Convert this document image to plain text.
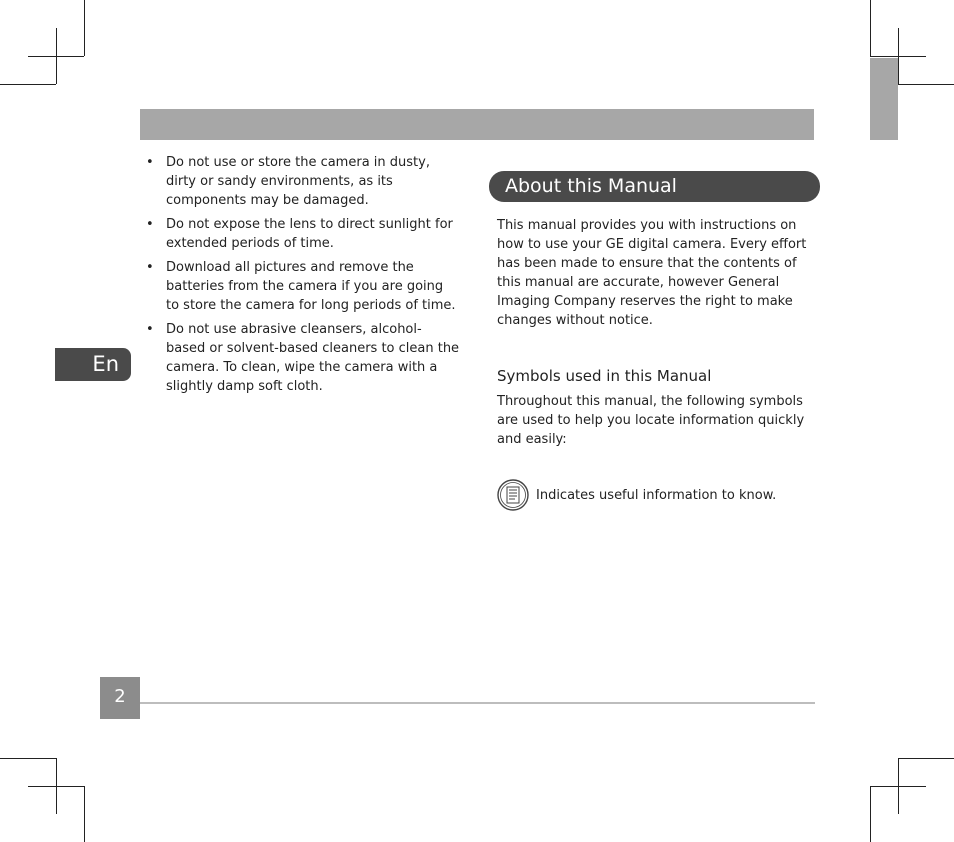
En
• Do not use or store the camera in dusty, dirty or sandy environments, as its components may be damaged.
• Do not expose the lens to direct sunlight for extended periods of time.
• Download all pictures and remove the batteries from the camera if you are going to store the camera for long periods of time.
• Do not use abrasive cleansers, alcohol-based or solvent-based cleaners to clean the camera. To clean, wipe the camera with a slightly damp soft cloth.
About this Manual

This manual provides you with instructions on how to use your GE digital camera. Every effort has been made to ensure that the contents of this manual are accurate, however General Imaging Company reserves the right to make changes without notice.

Symbols used in this Manual

Throughout this manual, the following symbols are used to help you locate information quickly and easily:

Indicates useful information to know.
2
